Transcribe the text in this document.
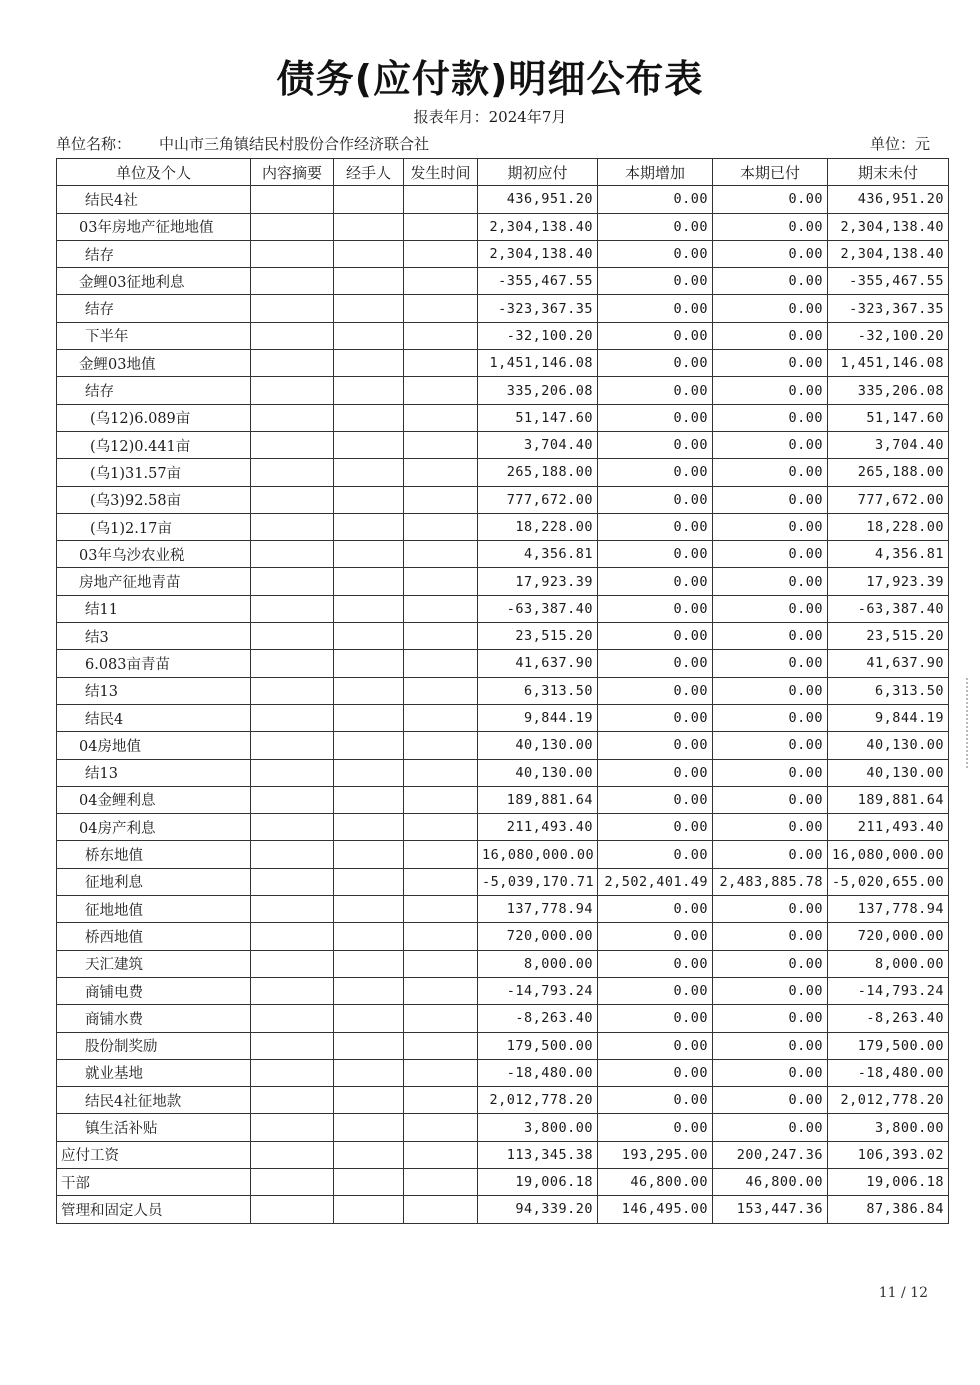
债务(应付款)明细公布表
报表年月：2024年7月
单位名称： 中山市三角镇结民村股份合作经济联合社	单位：元
单位及个人	内容摘要	经手人	发生时间	期初应付	本期增加	本期已付	期末未付
结民4社				436,951.20	0.00	0.00	436,951.20
03年房地产征地地值				2,304,138.40	0.00	0.00	2,304,138.40
结存				2,304,138.40	0.00	0.00	2,304,138.40
金鲤03征地利息				-355,467.55	0.00	0.00	-355,467.55
结存				-323,367.35	0.00	0.00	-323,367.35
下半年				-32,100.20	0.00	0.00	-32,100.20
金鲤03地值				1,451,146.08	0.00	0.00	1,451,146.08
结存				335,206.08	0.00	0.00	335,206.08
(乌12)6.089亩				51,147.60	0.00	0.00	51,147.60
(乌12)0.441亩				3,704.40	0.00	0.00	3,704.40
(乌1)31.57亩				265,188.00	0.00	0.00	265,188.00
(乌3)92.58亩				777,672.00	0.00	0.00	777,672.00
(乌1)2.17亩				18,228.00	0.00	0.00	18,228.00
03年乌沙农业税				4,356.81	0.00	0.00	4,356.81
房地产征地青苗				17,923.39	0.00	0.00	17,923.39
结11				-63,387.40	0.00	0.00	-63,387.40
结3				23,515.20	0.00	0.00	23,515.20
6.083亩青苗				41,637.90	0.00	0.00	41,637.90
结13				6,313.50	0.00	0.00	6,313.50
结民4				9,844.19	0.00	0.00	9,844.19
04房地值				40,130.00	0.00	0.00	40,130.00
结13				40,130.00	0.00	0.00	40,130.00
04金鲤利息				189,881.64	0.00	0.00	189,881.64
04房产利息				211,493.40	0.00	0.00	211,493.40
桥东地值				16,080,000.00	0.00	0.00	16,080,000.00
征地利息				-5,039,170.71	2,502,401.49	2,483,885.78	-5,020,655.00
征地地值				137,778.94	0.00	0.00	137,778.94
桥西地值				720,000.00	0.00	0.00	720,000.00
天汇建筑				8,000.00	0.00	0.00	8,000.00
商铺电费				-14,793.24	0.00	0.00	-14,793.24
商铺水费				-8,263.40	0.00	0.00	-8,263.40
股份制奖励				179,500.00	0.00	0.00	179,500.00
就业基地				-18,480.00	0.00	0.00	-18,480.00
结民4社征地款				2,012,778.20	0.00	0.00	2,012,778.20
镇生活补贴				3,800.00	0.00	0.00	3,800.00
应付工资				113,345.38	193,295.00	200,247.36	106,393.02
干部				19,006.18	46,800.00	46,800.00	19,006.18
管理和固定人员				94,339.20	146,495.00	153,447.36	87,386.84
11 / 12
